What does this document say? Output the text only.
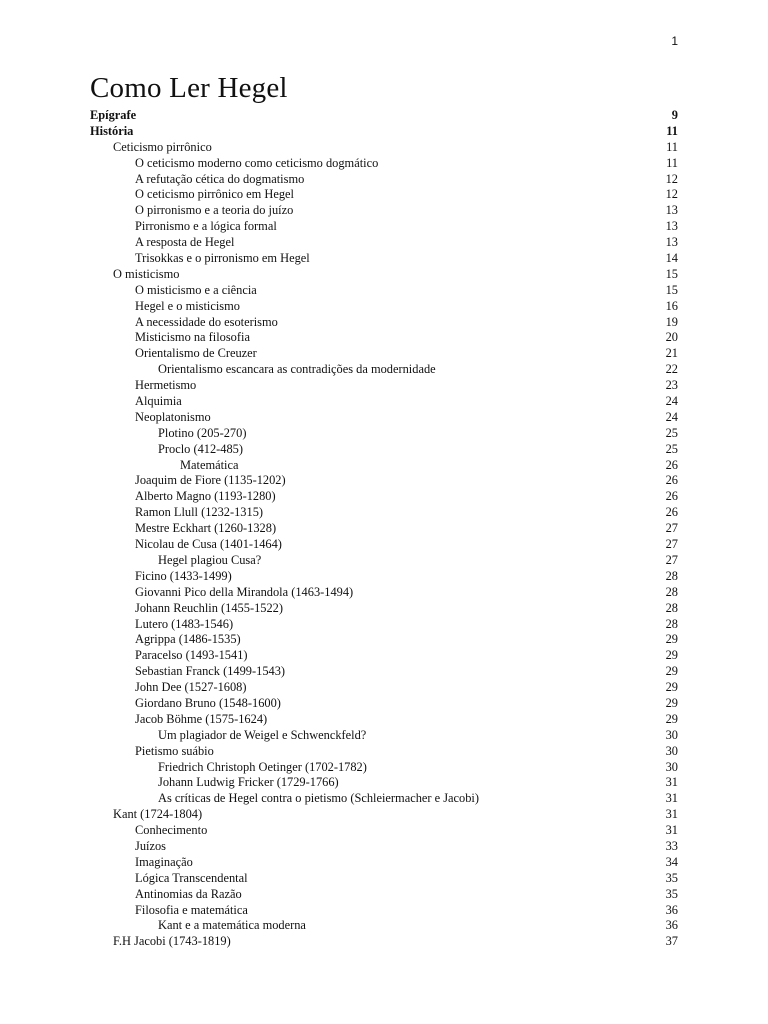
1
Como Ler Hegel
Epígrafe	9
História	11
Ceticismo pirrônico	11
O ceticismo moderno como ceticismo dogmático	11
A refutação cética do dogmatismo	12
O ceticismo pirrônico em Hegel	12
O pirronismo e a teoria do juízo	13
Pirronismo e a lógica formal	13
A resposta de Hegel	13
Trisokkas e o pirronismo em Hegel	14
O misticismo	15
O misticismo e a ciência	15
Hegel e o misticismo	16
A necessidade do esoterismo	19
Misticismo na filosofia	20
Orientalismo de Creuzer	21
Orientalismo escancara as contradições da modernidade	22
Hermetismo	23
Alquimia	24
Neoplatonismo	24
Plotino (205-270)	25
Proclo (412-485)	25
Matemática	26
Joaquim de Fiore (1135-1202)	26
Alberto Magno (1193-1280)	26
Ramon Llull (1232-1315)	26
Mestre Eckhart (1260-1328)	27
Nicolau de Cusa (1401-1464)	27
Hegel plagiou Cusa?	27
Ficino (1433-1499)	28
Giovanni Pico della Mirandola (1463-1494)	28
Johann Reuchlin (1455-1522)	28
Lutero (1483-1546)	28
Agrippa (1486-1535)	29
Paracelso (1493-1541)	29
Sebastian Franck (1499-1543)	29
John Dee (1527-1608)	29
Giordano Bruno (1548-1600)	29
Jacob Böhme (1575-1624)	29
Um plagiador de Weigel e Schwenckfeld?	30
Pietismo suábio	30
Friedrich Christoph Oetinger (1702-1782)	30
Johann Ludwig Fricker (1729-1766)	31
As críticas de Hegel contra o pietismo (Schleiermacher e Jacobi)	31
Kant (1724-1804)	31
Conhecimento	31
Juízos	33
Imaginação	34
Lógica Transcendental	35
Antinomias da Razão	35
Filosofia e matemática	36
Kant e a matemática moderna	36
F.H Jacobi (1743-1819)	37
